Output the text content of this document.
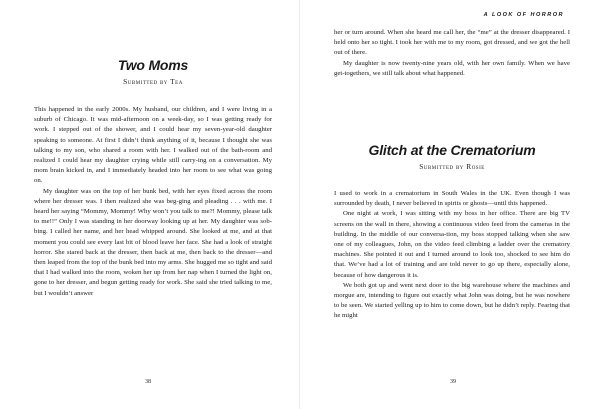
Two Moms
Submitted by Tea

This happened in the early 2000s. My husband, our children, and I were living in a suburb of Chicago. It was mid-afternoon on a week-day, so I was getting ready for work. I stepped out of the shower, and I could hear my seven-year-old daughter speaking to someone. At first I didn’t think anything of it, because I thought she was talking to my son, who shared a room with her. I walked out of the bath-room and realized I could hear my daughter crying while still carry-ing on a conversation. My mom brain kicked in, and I immediately headed into her room to see what was going on.

My daughter was on the top of her bunk bed, with her eyes fixed across the room where her dresser was. I then realized she was beg-ging and pleading . . . with me. I heard her saying “Mommy, Mommy! Why won’t you talk to me?! Mommy, please talk to me!!” Only I was standing in her doorway looking up at her. My daughter was sob-bing. I called her name, and her head whipped around. She looked at me, and at that moment you could see every last bit of blood leave her face. She had a look of straight horror. She stared back at the dresser, then back at me, then back to the dresser—and then leaped from the top of the bunk bed into my arms. She hugged me so tight and said that I had walked into the room, woken her up from her nap when I turned the light on, gone to her dresser, and begun getting ready for work. She said she tried talking to me, but I wouldn’t answer

38
A LOOK OF HORROR

her or turn around. When she heard me call her, the “me” at the dresser disappeared. I held onto her so tight. I took her with me to my room, got dressed, and we got the hell out of there.

My daughter is now twenty-nine years old, with her own family. When we have get-togethers, we still talk about what happened.

Glitch at the Crematorium
Submitted by Rosie

I used to work in a crematorium in South Wales in the UK. Even though I was surrounded by death, I never believed in spirits or ghosts—until this happened.

One night at work, I was sitting with my boss in her office. There are big TV screens on the wall in there, showing a continuous video feed from the cameras in the building. In the middle of our conversa-tion, my boss stopped talking when she saw one of my colleagues, John, on the video feed climbing a ladder over the crematory machines. She pointed it out and I turned around to look too, shocked to see him do that. We’ve had a lot of training and are told never to go up there, especially alone, because of how dangerous it is.

We both got up and went next door to the big warehouse where the machines and morgue are, intending to figure out exactly what John was doing, but he was nowhere to be seen. We started yelling up to him to come down, but he didn’t reply. Fearing that he might

39
